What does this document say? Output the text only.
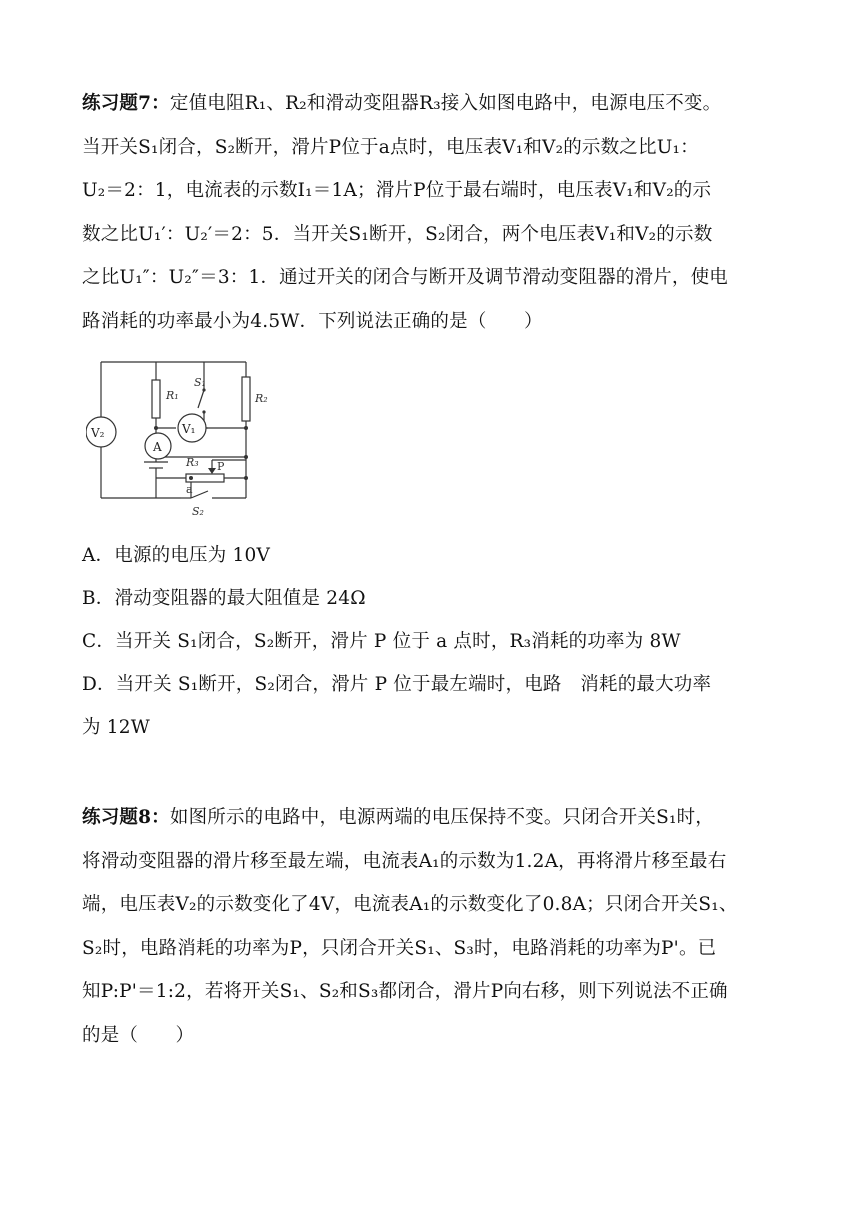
练习题7：定值电阻R₁、R₂和滑动变阻器R₃接入如图电路中，电源电压不变。
当开关S₁闭合，S₂断开，滑片P位于a点时，电压表V₁和V₂的示数之比U₁：
U₂＝2：1，电流表的示数I₁＝1A；滑片P位于最右端时，电压表V₁和V₂的示
数之比U₁′：U₂′＝2：5．当开关S₁断开，S₂闭合，两个电压表V₁和V₂的示数
之比U₁″：U₂″＝3：1．通过开关的闭合与断开及调节滑动变阻器的滑片，使电
路消耗的功率最小为4.5W．下列说法正确的是（　　）
V₂	V₁
A
R₁
S₁
R₂
R₃ P
a
S₂
A．电源的电压为 10V
B．滑动变阻器的最大阻值是 24Ω
C．当开关 S₁闭合，S₂断开，滑片 P 位于 a 点时，R₃消耗的功率为 8W
D．当开关 S₁断开，S₂闭合，滑片 P 位于最左端时，电路　消耗的最大功率
为 12W
练习题8：如图所示的电路中，电源两端的电压保持不变。只闭合开关S₁时，
将滑动变阻器的滑片移至最左端，电流表A₁的示数为1.2A，再将滑片移至最右
端，电压表V₂的示数变化了4V，电流表A₁的示数变化了0.8A；只闭合开关S₁、
S₂时，电路消耗的功率为P，只闭合开关S₁、S₃时，电路消耗的功率为P'。已
知P:P'＝1:2，若将开关S₁、S₂和S₃都闭合，滑片P向右移，则下列说法不正确
的是（　　）
